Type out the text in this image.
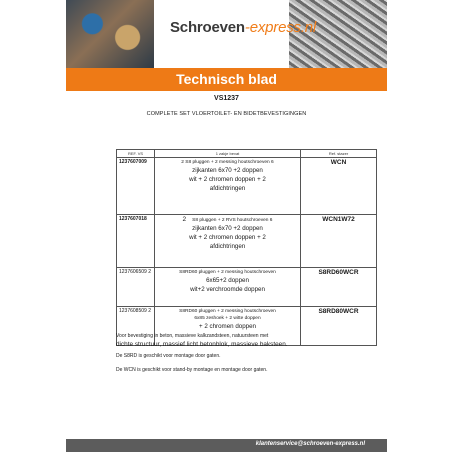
Schroeven-express.nl
Technisch blad
VS1237
COMPLETE SET VLOERTOILET- EN BIDETBEVESTIGINGEN
REF. VS	1 zakje bevat	Ref. stazer
1237607009	2 S8 pluggen + 2 messing houtschroeven 6
zijkanten 6x70 +2 doppen
wit + 2 chromen doppen + 2
afdichtringen	WCN
1237607018	2 S8 pluggen + 2 RVS houtschroeven 6
zijkanten 6x70 +2 doppen
wit + 2 chromen doppen + 2
afdichtringen	WCN1W72
1237606509 2	S8RD60 pluggen + 2 messing houtschroeven
6x65+2 doppen
wit+2 verchroomde doppen	S8RD60WCR
1237608509 2	S8RD60 pluggen + 2 messing houtschroeven
6x85 zeshoek + 2 witte doppen
+ 2 chromen doppen	S8RD80WCR

Voor bevestiging in beton, massieve kalkzandsteen, natuursteen met

dichte structuur, massief licht betonblok, massieve baksteen.

De S8RD is geschikt voor montage door gaten.

De WCN is geschikt voor stand-by montage en montage door gaten.

klantenservice@schroeven-express.nl
